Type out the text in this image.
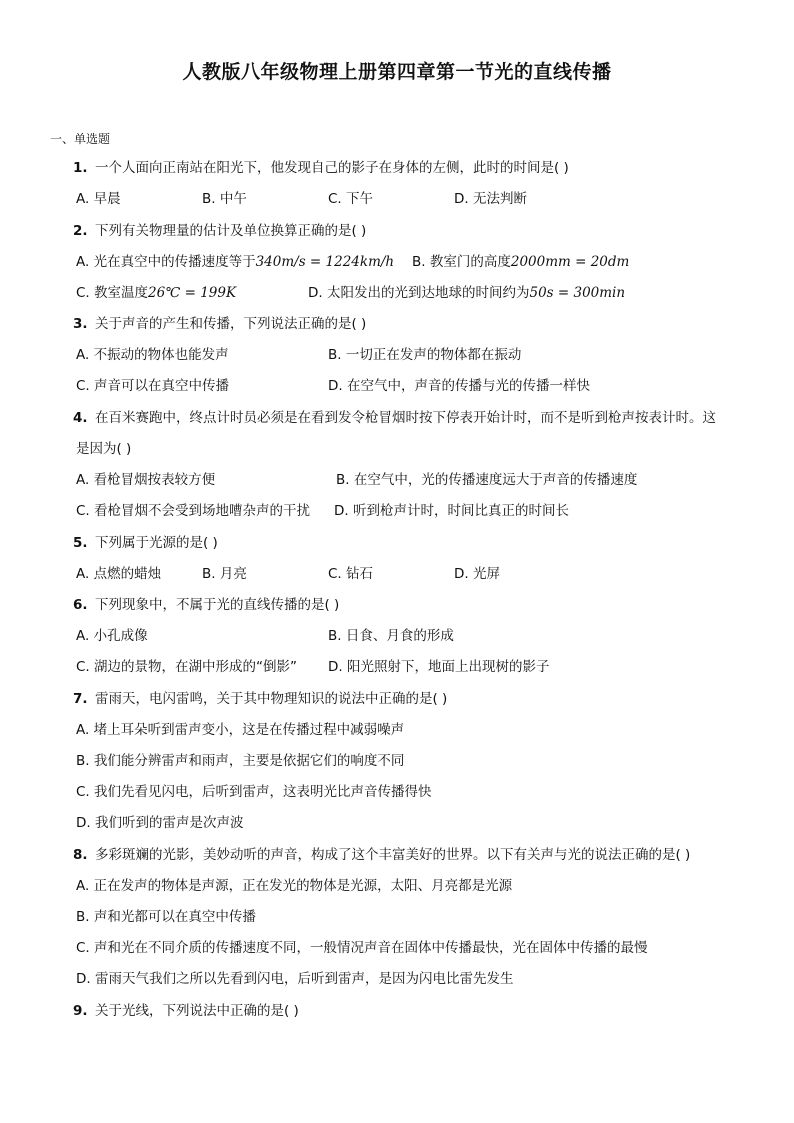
人教版八年级物理上册第四章第一节光的直线传播
一、单选题
1. 一个人面向正南站在阳光下，他发现自己的影子在身体的左侧，此时的时间是( )
A. 早晨	B. 中午	C. 下午	D. 无法判断
2. 下列有关物理量的估计及单位换算正确的是( )
A. 光在真空中的传播速度等于340m/s = 1224km/h B. 教室门的高度2000mm = 20dm
C. 教室温度26℃ = 199K	D. 太阳发出的光到达地球的时间约为50s = 300min
3. 关于声音的产生和传播，下列说法正确的是( )
A. 不振动的物体也能发声	B. 一切正在发声的物体都在振动
C. 声音可以在真空中传播	D. 在空气中，声音的传播与光的传播一样快
4. 在百米赛跑中，终点计时员必须是在看到发令枪冒烟时按下停表开始计时，而不是听到枪声按表计时。这
是因为( )
A. 看枪冒烟按表较方便	B. 在空气中，光的传播速度远大于声音的传播速度
C. 看枪冒烟不会受到场地嘈杂声的干扰 D. 听到枪声计时，时间比真正的时间长
5. 下列属于光源的是( )
A. 点燃的蜡烛	B. 月亮	C. 钻石	D. 光屏
6. 下列现象中，不属于光的直线传播的是( )
A. 小孔成像	B. 日食、月食的形成
C. 湖边的景物，在湖中形成的“倒影” D. 阳光照射下，地面上出现树的影子
7. 雷雨天，电闪雷鸣，关于其中物理知识的说法中正确的是( )
A. 堵上耳朵听到雷声变小，这是在传播过程中减弱噪声
B. 我们能分辨雷声和雨声，主要是依据它们的响度不同
C. 我们先看见闪电，后听到雷声，这表明光比声音传播得快
D. 我们听到的雷声是次声波
8. 多彩斑斓的光影，美妙动听的声音，构成了这个丰富美好的世界。以下有关声与光的说法正确的是( )
A. 正在发声的物体是声源，正在发光的物体是光源，太阳、月亮都是光源
B. 声和光都可以在真空中传播
C. 声和光在不同介质的传播速度不同，一般情况声音在固体中传播最快，光在固体中传播的最慢
D. 雷雨天气我们之所以先看到闪电，后听到雷声，是因为闪电比雷先发生
9. 关于光线，下列说法中正确的是( )
